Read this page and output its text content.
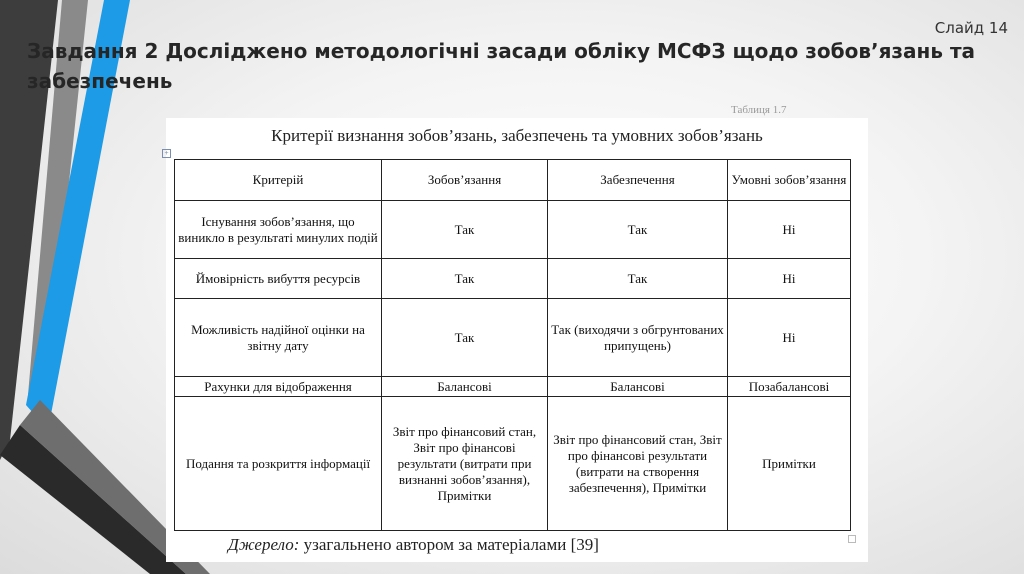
Слайд 14
Завдання 2 Досліджено методологічні засади обліку МСФЗ щодо зобов’язань та забезпечень
Таблиця 1.7
+
Критерії визнання зобов’язань, забезпечень та умовних зобов’язань
Критерій	Зобов’язання	Забезпечення	Умовні зобов’язання
Існування зобов’язання, що виникло в результаті минулих подій	Так	Так	Ні
Ймовірність вибуття ресурсів	Так	Так	Ні
Можливість надійної оцінки на звітну дату	Так	Так (виходячи з обгрунтованих припущень)	Ні
Рахунки для відображення	Балансові	Балансові	Позабалансові
Подання та розкриття інформації	Звіт про фінансовий стан, Звіт про фінансові результати (витрати при визнанні зобов’язання), Примітки	Звіт про фінансовий стан, Звіт про фінансові результати (витрати на створення забезпечення), Примітки	Примітки
Джерело: узагальнено автором за матеріалами [39]
